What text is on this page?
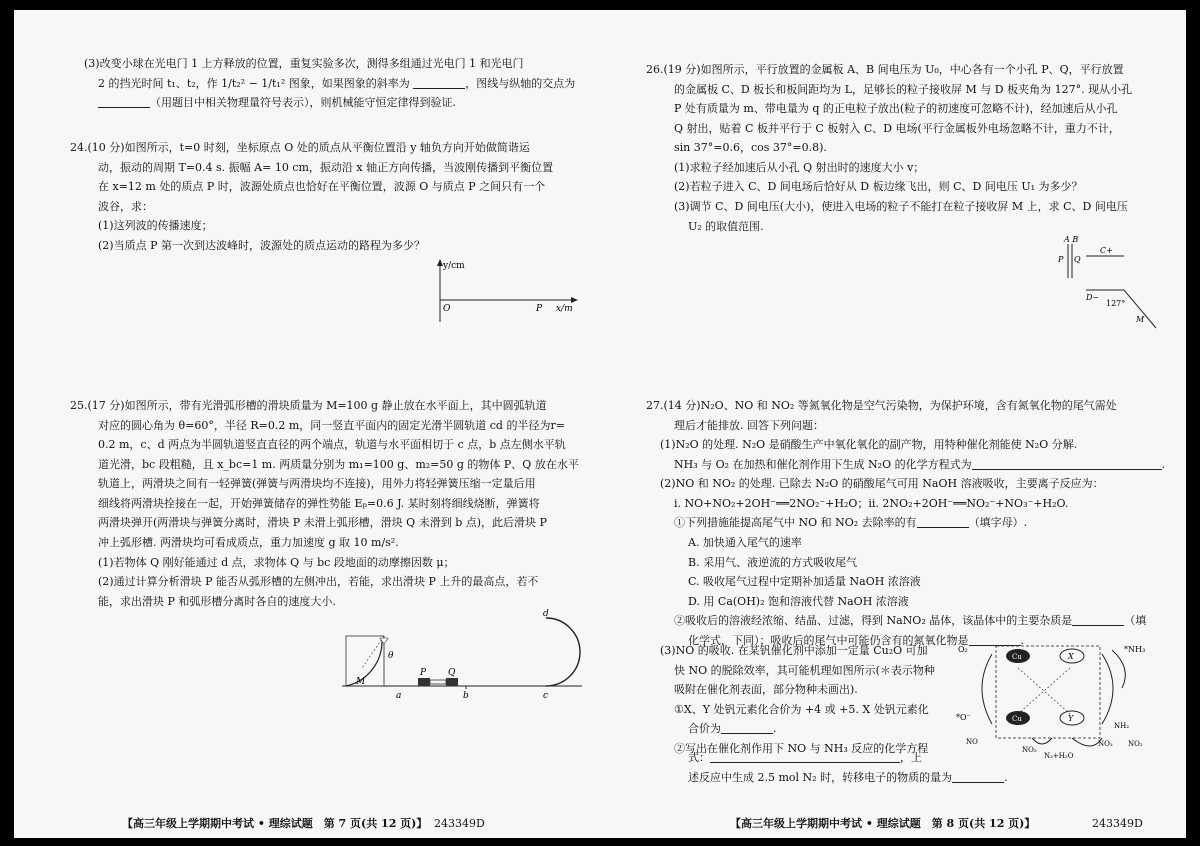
(3)改变小球在光电门 1 上方释放的位置，重复实验多次，测得多组通过光电门 1 和光电门

2 的挡光时间 t₁、t₂，作 1/t₂² − 1/t₁² 图象，如果图象的斜率为	，图线与纵轴的交点为

（用题目中相关物理量符号表示），则机械能守恒定律得到验证.

24.(10 分)如图所示，t=0 时刻，坐标原点 O 处的质点从平衡位置沿 y 轴负方向开始做简谐运

动，振动的周期 T=0.4 s. 振幅 A= 10 cm，振动沿 x 轴正方向传播，当波刚传播到平衡位置

在 x=12 m 处的质点 P 时，波源处质点也恰好在平衡位置，波源 O 与质点 P 之间只有一个

波谷，求：

(1)这列波的传播速度；

(2)当质点 P 第一次到达波峰时，波源处的质点运动的路程为多少？

y/cm
O	P x/m

25.(17 分)如图所示，带有光滑弧形槽的滑块质量为 M=100 g 静止放在水平面上，其中圆弧轨道

对应的圆心角为 θ=60°，半径 R=0.2 m，同一竖直平面内的固定光滑半圆轨道 cd 的半径为r=

0.2 m，c、d 两点为半圆轨道竖直直径的两个端点，轨道与水平面相切于 c 点，b 点左侧水平轨

道光滑，bc 段粗糙，且 x_bc=1 m. 两质量分别为 m₁=100 g、m₂=50 g 的物体 P、Q 放在水平

轨道上，两滑块之间有一轻弹簧(弹簧与两滑块均不连接)，用外力将轻弹簧压缩一定量后用

细线将两滑块拴接在一起，开始弹簧储存的弹性势能 Eₚ=0.6 J. 某时刻将细线烧断，弹簧将

两滑块弹开(两滑块与弹簧分离时，滑块 P 未滑上弧形槽，滑块 Q 未滑到 b 点)，此后滑块 P

冲上弧形槽. 两滑块均可看成质点，重力加速度 g 取 10 m/s².

(1)若物体 Q 刚好能通过 d 点，求物体 Q 与 bc 段地面的动摩擦因数 μ；

(2)通过计算分析滑块 P 能否从弧形槽的左侧冲出，若能，求出滑块 P 上升的最高点，若不

能，求出滑块 P 和弧形槽分离时各自的速度大小.

θ
M
P Q
a	b	c
d
【高三年级上学期期中考试 • 理综试题　第 7 页(共 12 页)】 243349D

26.(19 分)如图所示，平行放置的金属板 A、B 间电压为 U₀，中心各有一个小孔 P、Q，平行放置

的金属板 C、D 板长和板间距均为 L，足够长的粒子接收屏 M 与 D 板夹角为 127°. 现从小孔

P 处有质量为 m、带电量为 q 的正电粒子放出(粒子的初速度可忽略不计)，经加速后从小孔

Q 射出，贴着 C 板并平行于 C 板射入 C、D 电场(平行金属板外电场忽略不计，重力不计，

sin 37°=0.6，cos 37°=0.8).

(1)求粒子经加速后从小孔 Q 射出时的速度大小 v；

(2)若粒子进入 C、D 间电场后恰好从 D 板边缘飞出，则 C、D 间电压 U₁ 为多少？

(3)调节 C、D 间电压(大小)，使进入电场的粒子不能打在粒子接收屏 M 上，求 C、D 间电压

U₂ 的取值范围.

A B
P Q
C+
D−
127°
M

27.(14 分)N₂O、NO 和 NO₂ 等氮氧化物是空气污染物，为保护环境，含有氮氧化物的尾气需处

理后才能排放. 回答下列问题：

(1)N₂O 的处理. N₂O 是硝酸生产中氧化氧化的副产物，用特种催化剂能使 N₂O 分解.

NH₃ 与 O₂ 在加热和催化剂作用下生成 N₂O 的化学方程式为	.

(2)NO 和 NO₂ 的处理. 已除去 N₂O 的硝酸尾气可用 NaOH 溶液吸收，主要离子反应为：

ⅰ. NO+NO₂+2OH⁻══2NO₂⁻+H₂O；ⅱ. 2NO₂+2OH⁻══NO₂⁻+NO₃⁻+H₂O.

①下列措施能提高尾气中 NO 和 NO₂ 去除率的有	（填字母）.

A. 加快通入尾气的速率

B. 采用气、液逆流的方式吸收尾气

C. 吸收尾气过程中定期补加适量 NaOH 浓溶液

D. 用 Ca(OH)₂ 饱和溶液代替 NaOH 浓溶液

②吸收后的溶液经浓缩、结晶、过滤，得到 NaNO₂ 晶体，该晶体中的主要杂质是	（填

化学式，下同）；吸收后的尾气中可能仍含有的氮氧化物是	.

(3)NO 的吸收. 在某钒催化剂中添加一定量 Cu₂O 可加

快 NO 的脱除效率，其可能机理如图所示(＊表示物种

吸附在催化剂表面，部分物种未画出).

①X、Y 处钒元素化合价为 +4 或 +5. X 处钒元素化

合价为	.

②写出在催化剂作用下 NO 与 NH₃ 反应的化学方程

式：	，上

述反应中生成 2.5 mol N₂ 时，转移电子的物质的量为	.

Cu	X
Cu	Y
O₂	*NH₃
*O⁻
NO
NO₂
N₂+H₂O
NO₃ NO₂
NH₂
【高三年级上学期期中考试 • 理综试题　第 8 页(共 12 页)】	243349D
